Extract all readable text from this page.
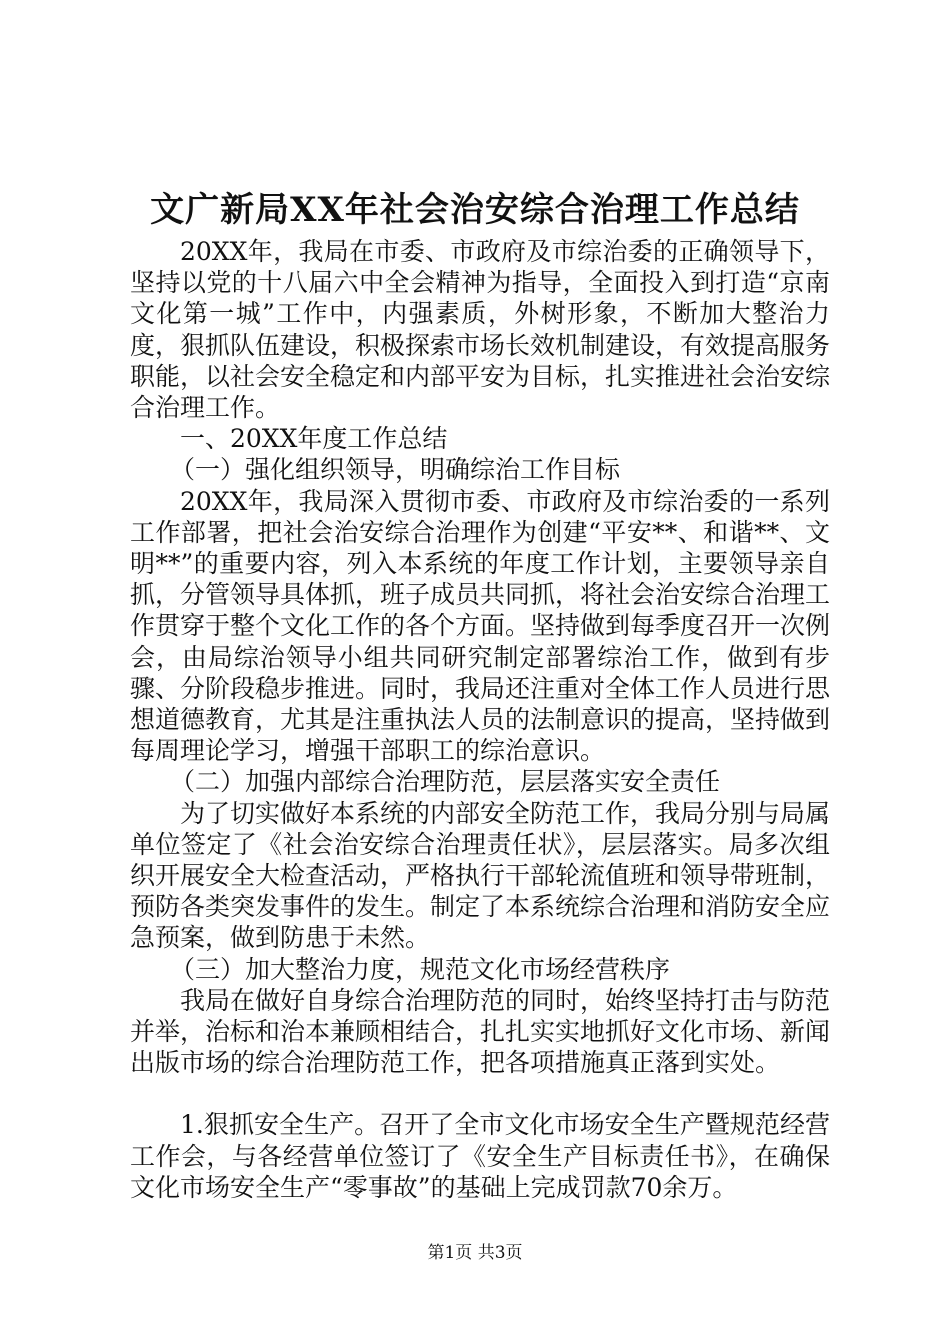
文广新局XX年社会治安综合治理工作总结

20XX年，我局在市委、市政府及市综治委的正确领导下，坚持以党的十八届六中全会精神为指导，全面投入到打造“京南文化第一城”工作中，内强素质，外树形象，不断加大整治力度，狠抓队伍建设，积极探索市场长效机制建设，有效提高服务职能，以社会安全稳定和内部平安为目标，扎实推进社会治安综合治理工作。

一、20XX年度工作总结

（一）强化组织领导，明确综治工作目标

20XX年，我局深入贯彻市委、市政府及市综治委的一系列工作部署，把社会治安综合治理作为创建“平安**、和谐**、文明**”的重要内容，列入本系统的年度工作计划，主要领导亲自抓，分管领导具体抓，班子成员共同抓，将社会治安综合治理工作贯穿于整个文化工作的各个方面。坚持做到每季度召开一次例会，由局综治领导小组共同研究制定部署综治工作，做到有步骤、分阶段稳步推进。同时，我局还注重对全体工作人员进行思想道德教育，尤其是注重执法人员的法制意识的提高，坚持做到每周理论学习，增强干部职工的综治意识。

（二）加强内部综合治理防范，层层落实安全责任

为了切实做好本系统的内部安全防范工作，我局分别与局属单位签定了《社会治安综合治理责任状》，层层落实。局多次组织开展安全大检查活动，严格执行干部轮流值班和领导带班制，预防各类突发事件的发生。制定了本系统综合治理和消防安全应急预案，做到防患于未然。

（三）加大整治力度，规范文化市场经营秩序

我局在做好自身综合治理防范的同时，始终坚持打击与防范并举，治标和治本兼顾相结合，扎扎实实地抓好文化市场、新闻出版市场的综合治理防范工作，把各项措施真正落到实处。

1.狠抓安全生产。召开了全市文化市场安全生产暨规范经营工作会，与各经营单位签订了《安全生产目标责任书》，在确保文化市场安全生产“零事故”的基础上完成罚款70余万。

第1页 共3页
